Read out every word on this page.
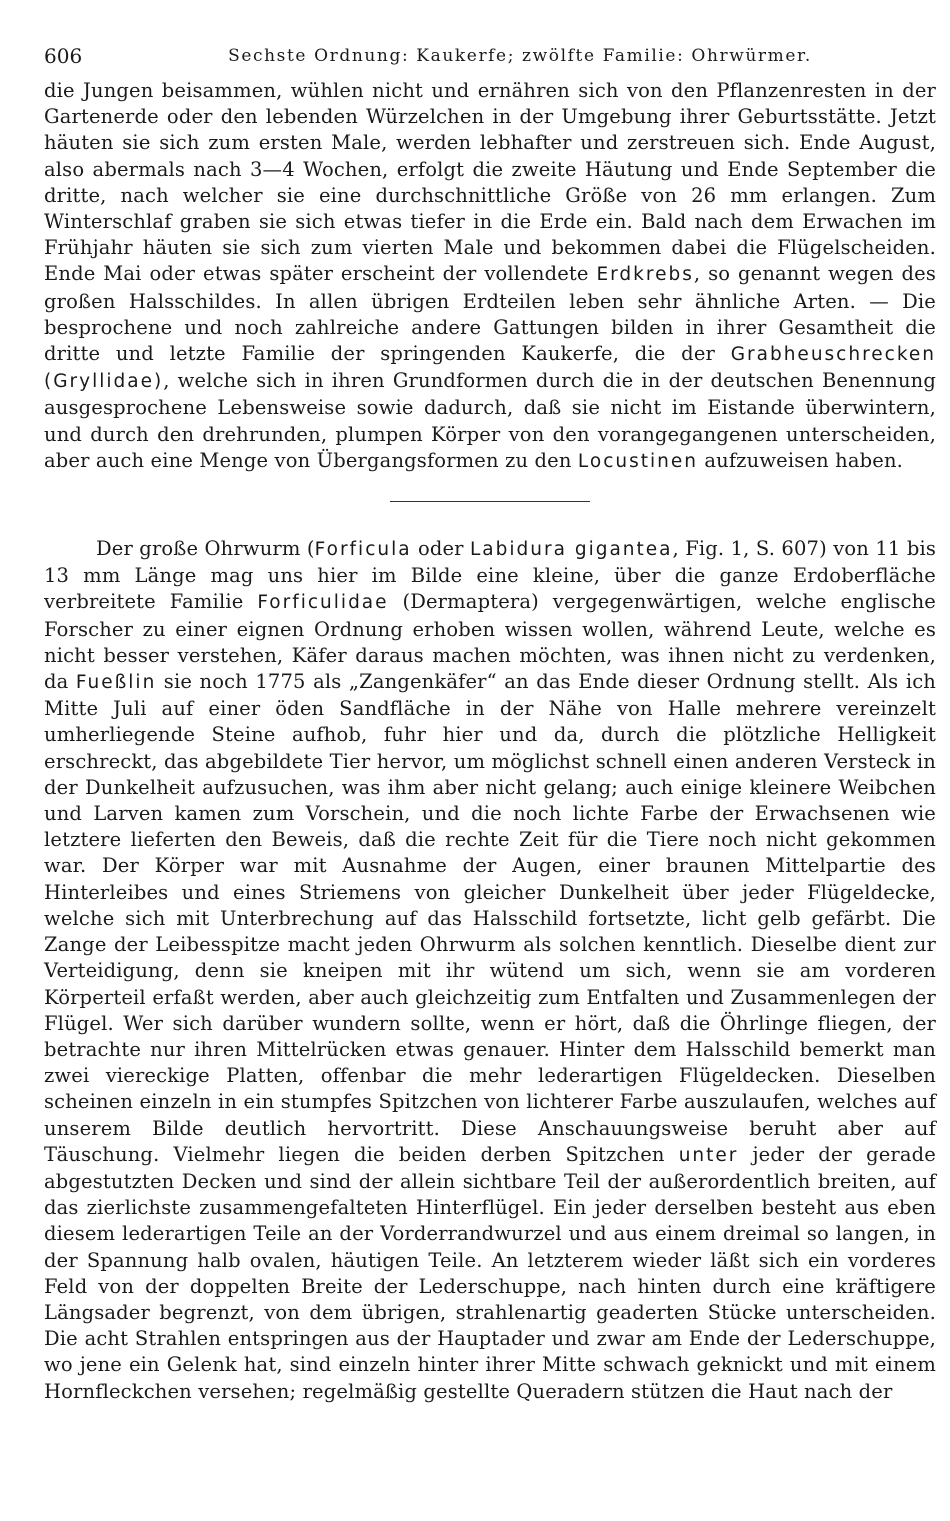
606	Sechste Ordnung: Kaukerfe; zwölfte Familie: Ohrwürmer.

die Jungen beisammen, wühlen nicht und ernähren sich von den Pflanzenresten in der Gartenerde oder den lebenden Würzelchen in der Umgebung ihrer Geburtsstätte. Jetzt häuten sie sich zum ersten Male, werden lebhafter und zerstreuen sich. Ende August, also abermals nach 3—4 Wochen, erfolgt die zweite Häutung und Ende September die dritte, nach welcher sie eine durchschnittliche Größe von 26 mm erlangen. Zum Winterschlaf graben sie sich etwas tiefer in die Erde ein. Bald nach dem Erwachen im Frühjahr häuten sie sich zum vierten Male und bekommen dabei die Flügelscheiden. Ende Mai oder etwas später erscheint der vollendete Erdkrebs, so genannt wegen des großen Halsschildes. In allen übrigen Erdteilen leben sehr ähnliche Arten. — Die besprochene und noch zahlreiche andere Gattungen bilden in ihrer Gesamtheit die dritte und letzte Familie der springenden Kaukerfe, die der Grabheuschrecken (Gryllidae), welche sich in ihren Grundformen durch die in der deutschen Benennung ausgesprochene Lebensweise sowie dadurch, daß sie nicht im Eistande überwintern, und durch den drehrunden, plumpen Körper von den vorangegangenen unterscheiden, aber auch eine Menge von Übergangsformen zu den Locustinen aufzuweisen haben.

Der große Ohrwurm (Forficula oder Labidura gigantea, Fig. 1, S. 607) von 11 bis 13 mm Länge mag uns hier im Bilde eine kleine, über die ganze Erdoberfläche verbreitete Familie Forficulidae (Dermaptera) vergegenwärtigen, welche englische Forscher zu einer eignen Ordnung erhoben wissen wollen, während Leute, welche es nicht besser verstehen, Käfer daraus machen möchten, was ihnen nicht zu verdenken, da Fueßlin sie noch 1775 als „Zangenkäfer“ an das Ende dieser Ordnung stellt. Als ich Mitte Juli auf einer öden Sandfläche in der Nähe von Halle mehrere vereinzelt umherliegende Steine aufhob, fuhr hier und da, durch die plötzliche Helligkeit erschreckt, das abgebildete Tier hervor, um möglichst schnell einen anderen Versteck in der Dunkelheit aufzusuchen, was ihm aber nicht gelang; auch einige kleinere Weibchen und Larven kamen zum Vorschein, und die noch lichte Farbe der Erwachsenen wie letztere lieferten den Beweis, daß die rechte Zeit für die Tiere noch nicht gekommen war. Der Körper war mit Ausnahme der Augen, einer braunen Mittelpartie des Hinterleibes und eines Striemens von gleicher Dunkelheit über jeder Flügeldecke, welche sich mit Unterbrechung auf das Halsschild fortsetzte, licht gelb gefärbt. Die Zange der Leibesspitze macht jeden Ohrwurm als solchen kenntlich. Dieselbe dient zur Verteidigung, denn sie kneipen mit ihr wütend um sich, wenn sie am vorderen Körperteil erfaßt werden, aber auch gleichzeitig zum Entfalten und Zusammenlegen der Flügel. Wer sich darüber wundern sollte, wenn er hört, daß die Öhrlinge fliegen, der betrachte nur ihren Mittelrücken etwas genauer. Hinter dem Halsschild bemerkt man zwei viereckige Platten, offenbar die mehr lederartigen Flügeldecken. Dieselben scheinen einzeln in ein stumpfes Spitzchen von lichterer Farbe auszulaufen, welches auf unserem Bilde deutlich hervortritt. Diese Anschauungsweise beruht aber auf Täuschung. Vielmehr liegen die beiden derben Spitzchen unter jeder der gerade abgestutzten Decken und sind der allein sichtbare Teil der außerordentlich breiten, auf das zierlichste zusammengefalteten Hinterflügel. Ein jeder derselben besteht aus eben diesem lederartigen Teile an der Vorderrandwurzel und aus einem dreimal so langen, in der Spannung halb ovalen, häutigen Teile. An letzterem wieder läßt sich ein vorderes Feld von der doppelten Breite der Lederschuppe, nach hinten durch eine kräftigere Längsader begrenzt, von dem übrigen, strahlenartig geaderten Stücke unterscheiden. Die acht Strahlen entspringen aus der Hauptader und zwar am Ende der Lederschuppe, wo jene ein Gelenk hat, sind einzeln hinter ihrer Mitte schwach geknickt und mit einem Hornfleckchen versehen; regelmäßig gestellte Queradern stützen die Haut nach der
